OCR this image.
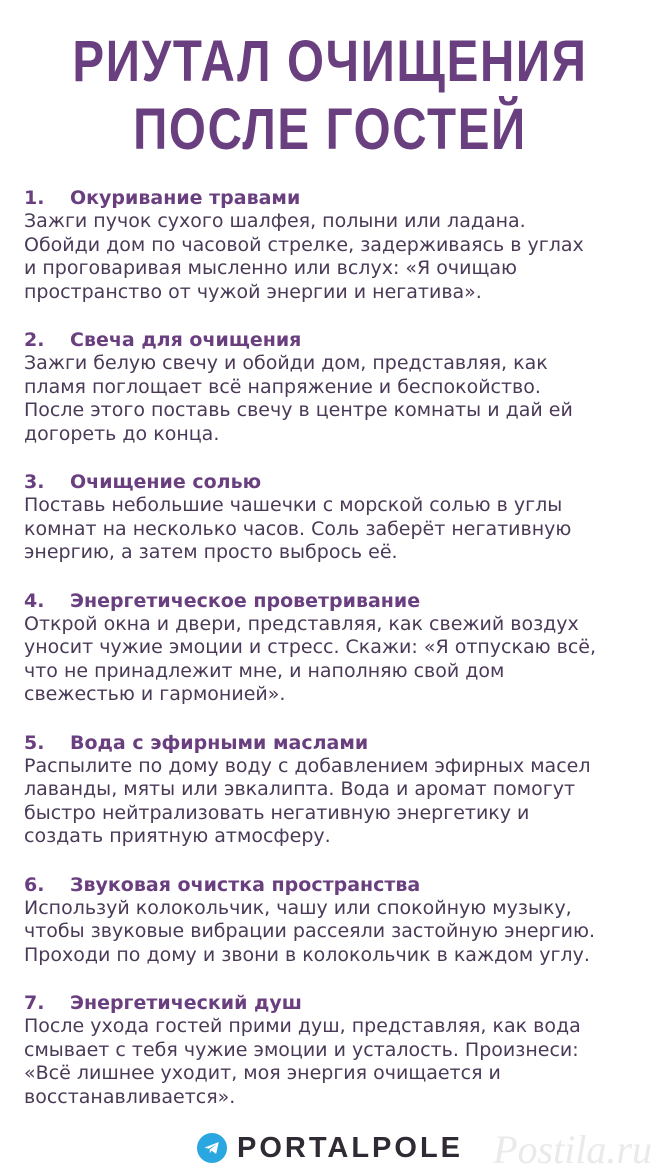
РИУТАЛ ОЧИЩЕНИЯ
ПОСЛЕ ГОСТЕЙ
1. Окуривание травами
Зажги пучок сухого шалфея, полыни или ладана.
Обойди дом по часовой стрелке, задерживаясь в углах
и проговаривая мысленно или вслух: «Я очищаю
пространство от чужой энергии и негатива».
2. Свеча для очищения
Зажги белую свечу и обойди дом, представляя, как
пламя поглощает всё напряжение и беспокойство.
После этого поставь свечу в центре комнаты и дай ей
догореть до конца.
3. Очищение солью
Поставь небольшие чашечки с морской солью в углы
комнат на несколько часов. Соль заберёт негативную
энергию, а затем просто выбрось её.
4. Энергетическое проветривание
Открой окна и двери, представляя, как свежий воздух
уносит чужие эмоции и стресс. Скажи: «Я отпускаю всё,
что не принадлежит мне, и наполняю свой дом
свежестью и гармонией».
5. Вода с эфирными маслами
Распылите по дому воду с добавлением эфирных масел
лаванды, мяты или эвкалипта. Вода и аромат помогут
быстро нейтрализовать негативную энергетику и
создать приятную атмосферу.
6. Звуковая очистка пространства
Используй колокольчик, чашу или спокойную музыку,
чтобы звуковые вибрации рассеяли застойную энергию.
Проходи по дому и звони в колокольчик в каждом углу.
7. Энергетический душ
После ухода гостей прими душ, представляя, как вода
смывает с тебя чужие эмоции и усталость. Произнеси:
«Всё лишнее уходит, моя энергия очищается и
восстанавливается».
PORTALPOLE Postila.ru
